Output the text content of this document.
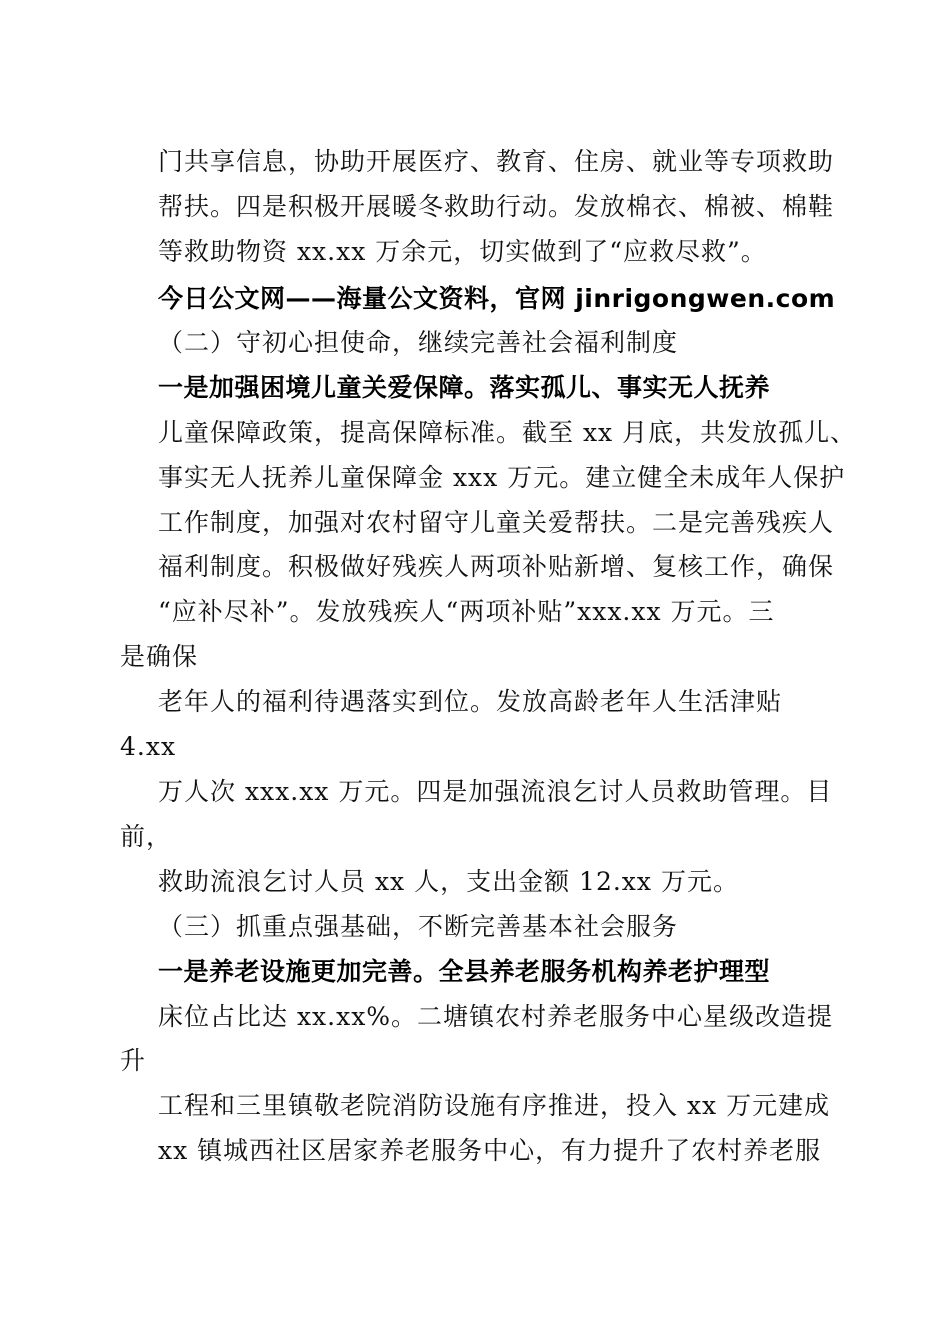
门共享信息，协助开展医疗、教育、住房、就业等专项救助
帮扶。四是积极开展暖冬救助行动。发放棉衣、棉被、棉鞋
等救助物资 xx.xx 万余元，切实做到了“应救尽救”。
今日公文网——海量公文资料，官网 jinrigongwen.com
（二）守初心担使命，继续完善社会福利制度
一是加强困境儿童关爱保障。落实孤儿、事实无人抚养
儿童保障政策，提高保障标准。截至 xx 月底，共发放孤儿、
事实无人抚养儿童保障金 xxx 万元。建立健全未成年人保护
工作制度，加强对农村留守儿童关爱帮扶。二是完善残疾人
福利制度。积极做好残疾人两项补贴新增、复核工作，确保
“应补尽补”。发放残疾人“两项补贴”xxx.xx 万元。三
是确保
老年人的福利待遇落实到位。发放高龄老年人生活津贴
4.xx
万人次 xxx.xx 万元。四是加强流浪乞讨人员救助管理。目
前，
救助流浪乞讨人员 xx 人，支出金额 12.xx 万元。
（三）抓重点强基础，不断完善基本社会服务
一是养老设施更加完善。全县养老服务机构养老护理型
床位占比达 xx.xx%。二塘镇农村养老服务中心星级改造提
升
工程和三里镇敬老院消防设施有序推进，投入 xx 万元建成
xx 镇城西社区居家养老服务中心，有力提升了农村养老服
